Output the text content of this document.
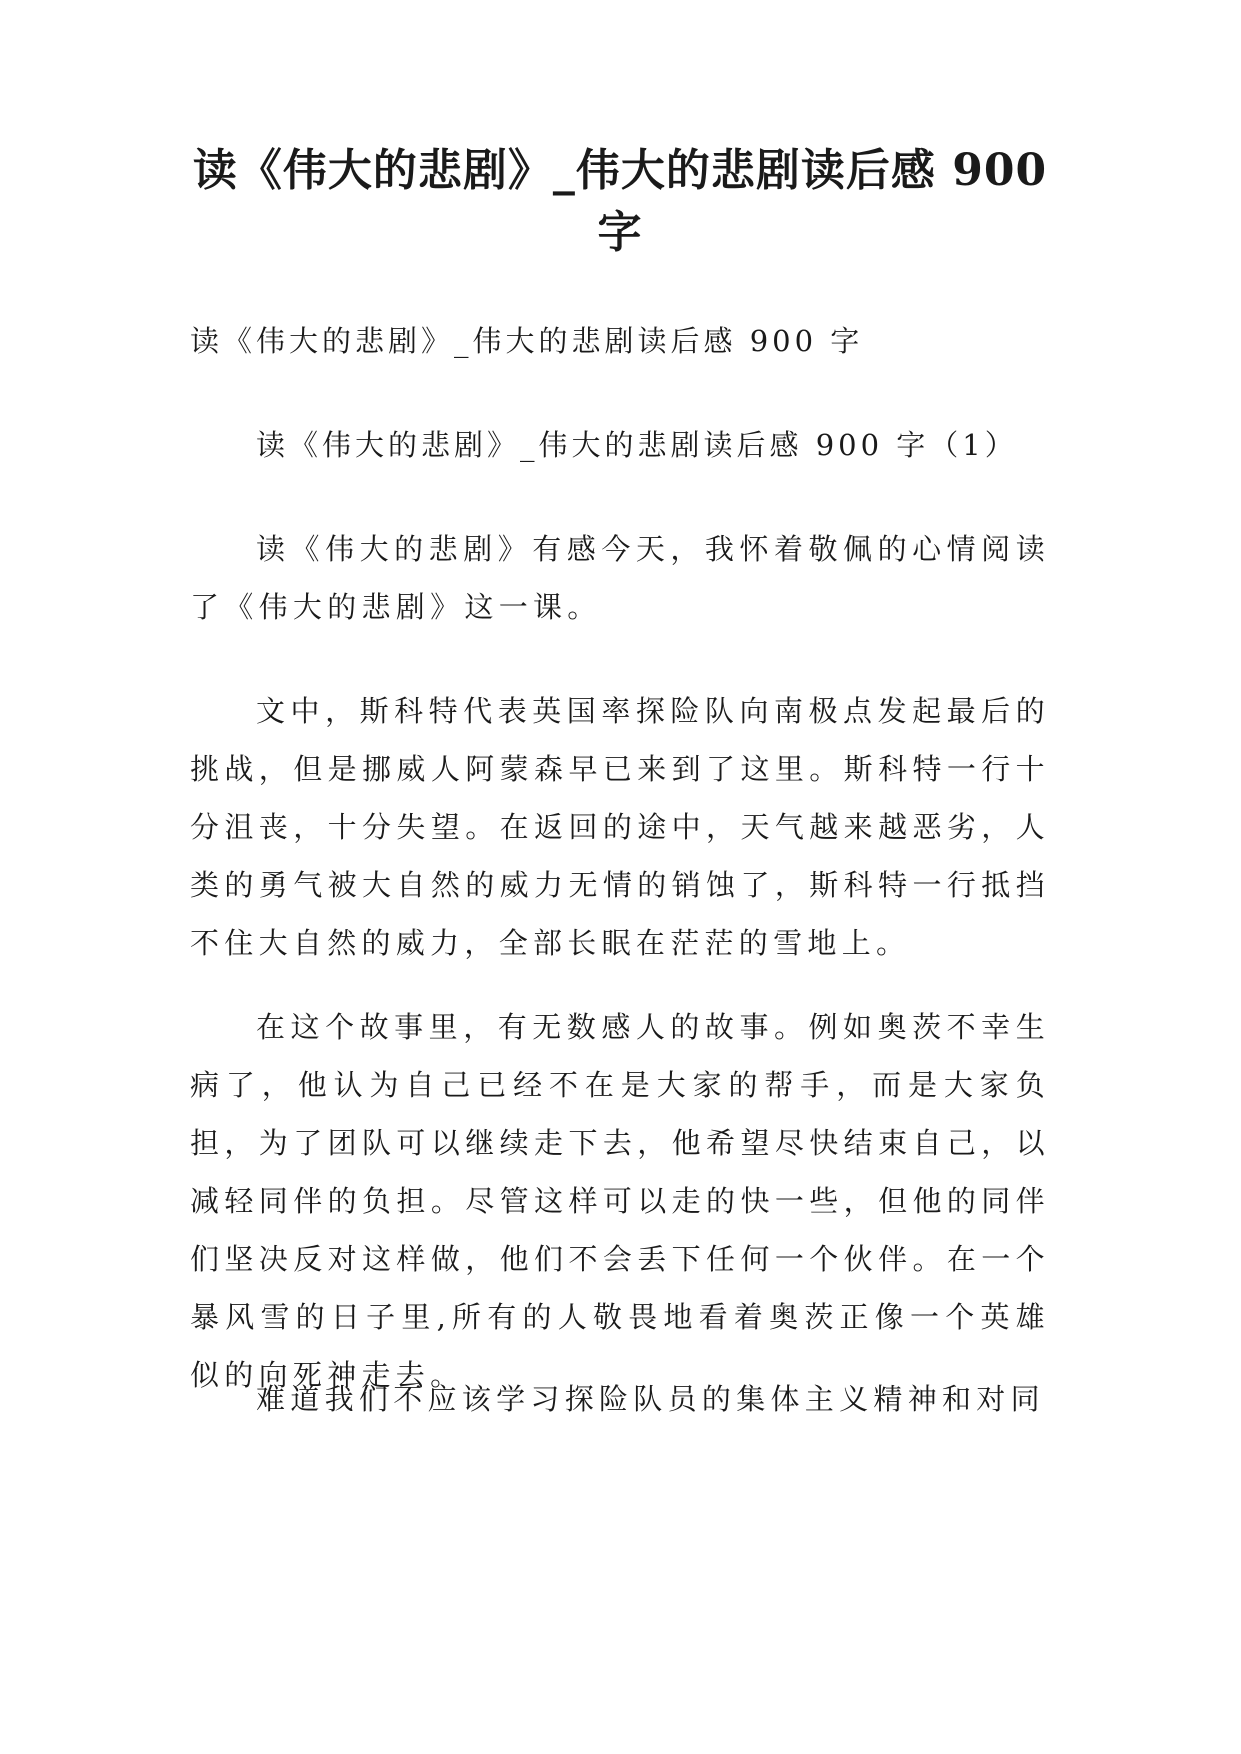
读《伟大的悲剧》_伟大的悲剧读后感 900 字
读《伟大的悲剧》_伟大的悲剧读后感 900 字
读《伟大的悲剧》_伟大的悲剧读后感 900 字（1）
读《伟大的悲剧》有感今天，我怀着敬佩的心情阅读了《伟大的悲剧》这一课。
文中，斯科特代表英国率探险队向南极点发起最后的挑战，但是挪威人阿蒙森早已来到了这里。斯科特一行十分沮丧，十分失望。在返回的途中，天气越来越恶劣，人类的勇气被大自然的威力无情的销蚀了，斯科特一行抵挡不住大自然的威力，全部长眠在茫茫的雪地上。
在这个故事里，有无数感人的故事。例如奥茨不幸生病了，他认为自己已经不在是大家的帮手，而是大家负担，为了团队可以继续走下去，他希望尽快结束自己，以减轻同伴的负担。尽管这样可以走的快一些，但他的同伴们坚决反对这样做，他们不会丢下任何一个伙伴。在一个暴风雪的日子里,所有的人敬畏地看着奥茨正像一个英雄似的向死神走去。
难道我们不应该学习探险队员的集体主义精神和对同
